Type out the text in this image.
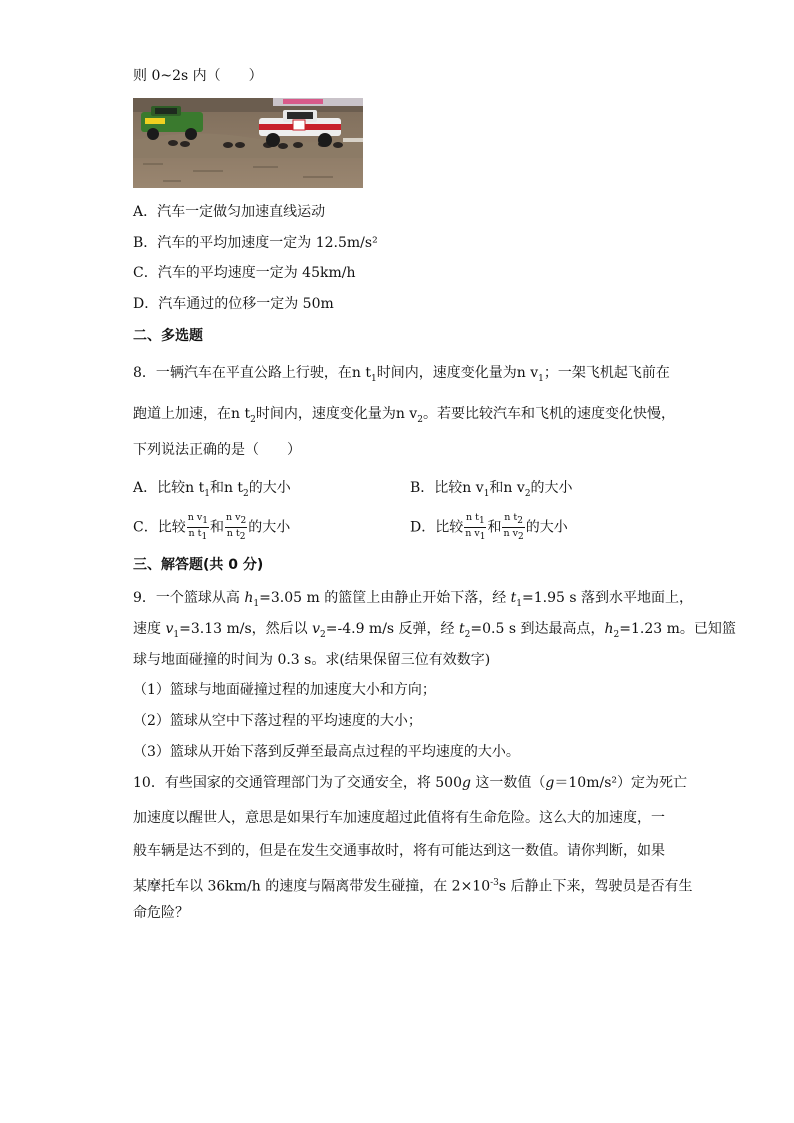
则 0~2s 内（　　）
A．汽车一定做匀加速直线运动
B．汽车的平均加速度一定为 12.5m/s²
C．汽车的平均速度一定为 45km/h
D．汽车通过的位移一定为 50m
二、多选题
8．一辆汽车在平直公路上行驶，在n $t_1$时间内，速度变化量为n $v_1$；一架飞机起飞前在
跑道上加速，在n $t_2$时间内，速度变化量为n $v_2$。若要比较汽车和飞机的速度变化快慢，
下列说法正确的是（　　）
A．比较n $t_1$和n $t_2$的大小	B．比较n $v_1$和n $v_2$的大小
C．比较 $\frac{n v_1}{n t_1}$ 和 $\frac{n v_2}{n t_2}$ 的大小	D．比较 $\frac{n t_1}{n v_1}$ 和 $\frac{n t_2}{n v_2}$ 的大小
三、解答题(共 0 分)
9．一个篮球从高 $h_1=3.05$ m 的篮筐上由静止开始下落，经 $t_1=1.95$ s 落到水平地面上，
速度 $v_1=3.13$ m/s，然后以 $v_2=-4.9$ m/s 反弹，经 $t_2=0.5$ s 到达最高点，$h_2=1.23$ m。已知篮
球与地面碰撞的时间为 0.3 s。求(结果保留三位有效数字)
（1）篮球与地面碰撞过程的加速度大小和方向；
（2）篮球从空中下落过程的平均速度的大小；
（3）篮球从开始下落到反弹至最高点过程的平均速度的大小。
10．有些国家的交通管理部门为了交通安全，将 500g 这一数值（g＝10m/s²）定为死亡
加速度以醒世人，意思是如果行车加速度超过此值将有生命危险。这么大的加速度，一
般车辆是达不到的，但是在发生交通事故时，将有可能达到这一数值。请你判断，如果
某摩托车以 36km/h 的速度与隔离带发生碰撞，在 $2\times 10^{-3}s$ 后静止下来，驾驶员是否有生
命危险？
